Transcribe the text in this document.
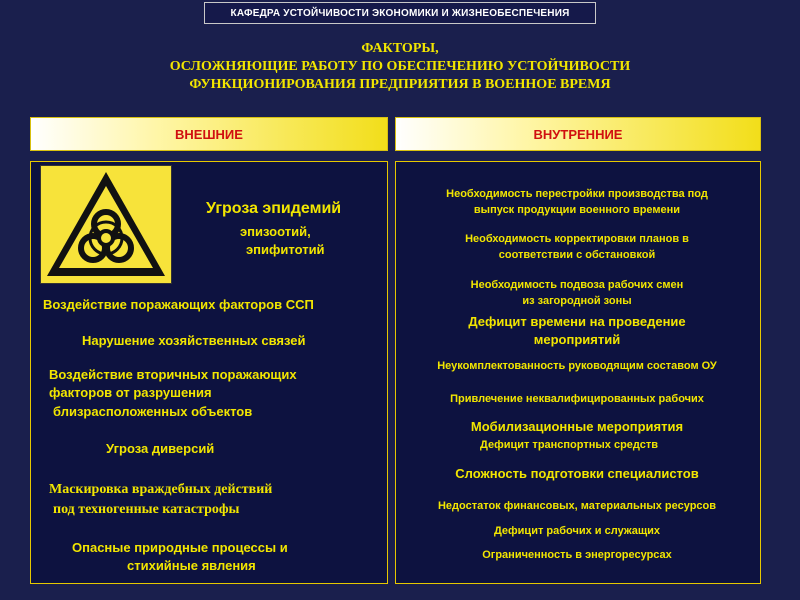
КАФЕДРА УСТОЙЧИВОСТИ ЭКОНОМИКИ И ЖИЗНЕОБЕСПЕЧЕНИЯ
ФАКТОРЫ,
ОСЛОЖНЯЮЩИЕ РАБОТУ ПО ОБЕСПЕЧЕНИЮ УСТОЙЧИВОСТИ
ФУНКЦИОНИРОВАНИЯ ПРЕДПРИЯТИЯ В ВОЕННОЕ ВРЕМЯ
ВНЕШНИЕ	ВНУТРЕННИЕ
Угроза эпидемий
эпизоотий,
эпифитотий
Воздействие поражающих факторов ССП
Нарушение хозяйственных связей
Воздействие вторичных поражающих
факторов от разрушения
близрасположенных объектов
Угроза диверсий
Маскировка враждебных действий
под техногенные катастрофы
Опасные природные процессы и
стихийные явления
Необходимость перестройки производства под
выпуск продукции военного времени
Необходимость корректировки планов в
соответствии с обстановкой
Необходимость подвоза рабочих смен
из загородной зоны
Дефицит времени на проведение
мероприятий
Неукомплектованность руководящим составом ОУ
Привлечение неквалифицированных рабочих
Мобилизационные мероприятия
Дефицит транспортных средств
Сложность подготовки специалистов
Недостаток финансовых, материальных ресурсов
Дефицит рабочих и служащих
Ограниченность в энергоресурсах
